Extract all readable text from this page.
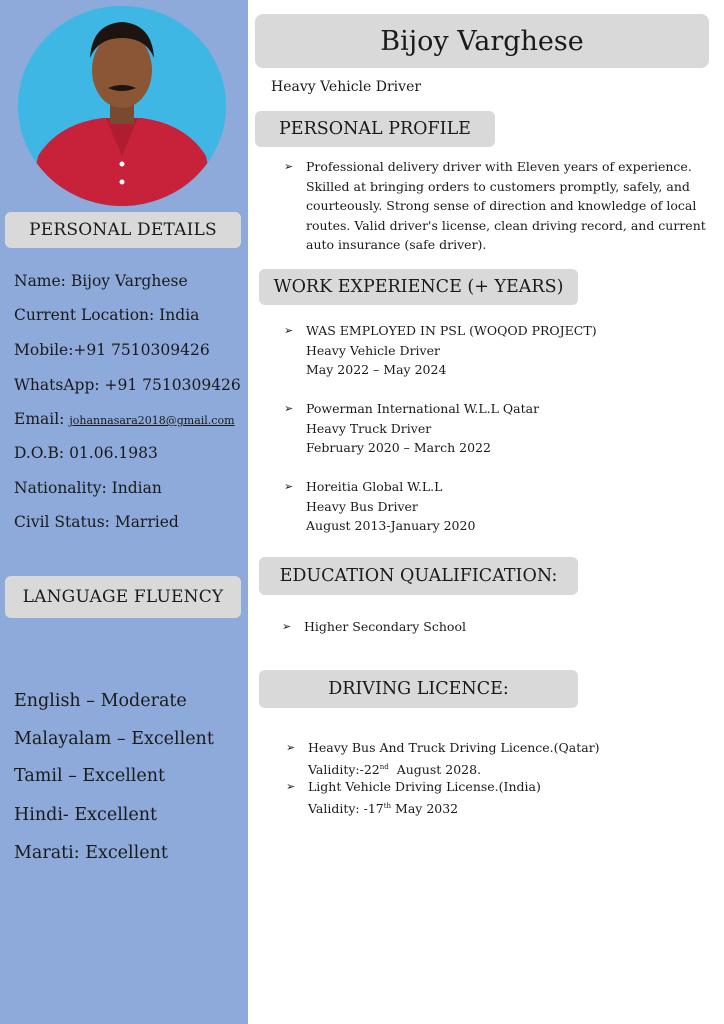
PERSONAL DETAILS
Name: Bijoy Varghese
Current Location: India
Mobile:+91 7510309426
WhatsApp: +91 7510309426
Email: johannasara2018@gmail.com
D.O.B: 01.06.1983
Nationality: Indian
Civil Status: Married
LANGUAGE FLUENCY
English – Moderate
Malayalam – Excellent
Tamil – Excellent
Hindi- Excellent
Marati: Excellent
Bijoy Varghese
Heavy Vehicle Driver
PERSONAL PROFILE
➢ Professional delivery driver with Eleven years of experience.
Skilled at bringing orders to customers promptly, safely, and
courteously. Strong sense of direction and knowledge of local
routes. Valid driver's license, clean driving record, and current
auto insurance (safe driver).
WORK EXPERIENCE (+ YEARS)
➢ WAS EMPLOYED IN PSL (WOQOD PROJECT)
Heavy Vehicle Driver
May 2022 – May 2024
➢ Powerman International W.L.L Qatar
Heavy Truck Driver
February 2020 – March 2022
➢ Horeitia Global W.L.L
Heavy Bus Driver
August 2013-January 2020
EDUCATION QUALIFICATION:
➢ Higher Secondary School
DRIVING LICENCE:
➢ Heavy Bus And Truck Driving Licence.(Qatar)
Validity:-22nd  August 2028.
➢ Light Vehicle Driving License.(India)
Validity: -17th May 2032
